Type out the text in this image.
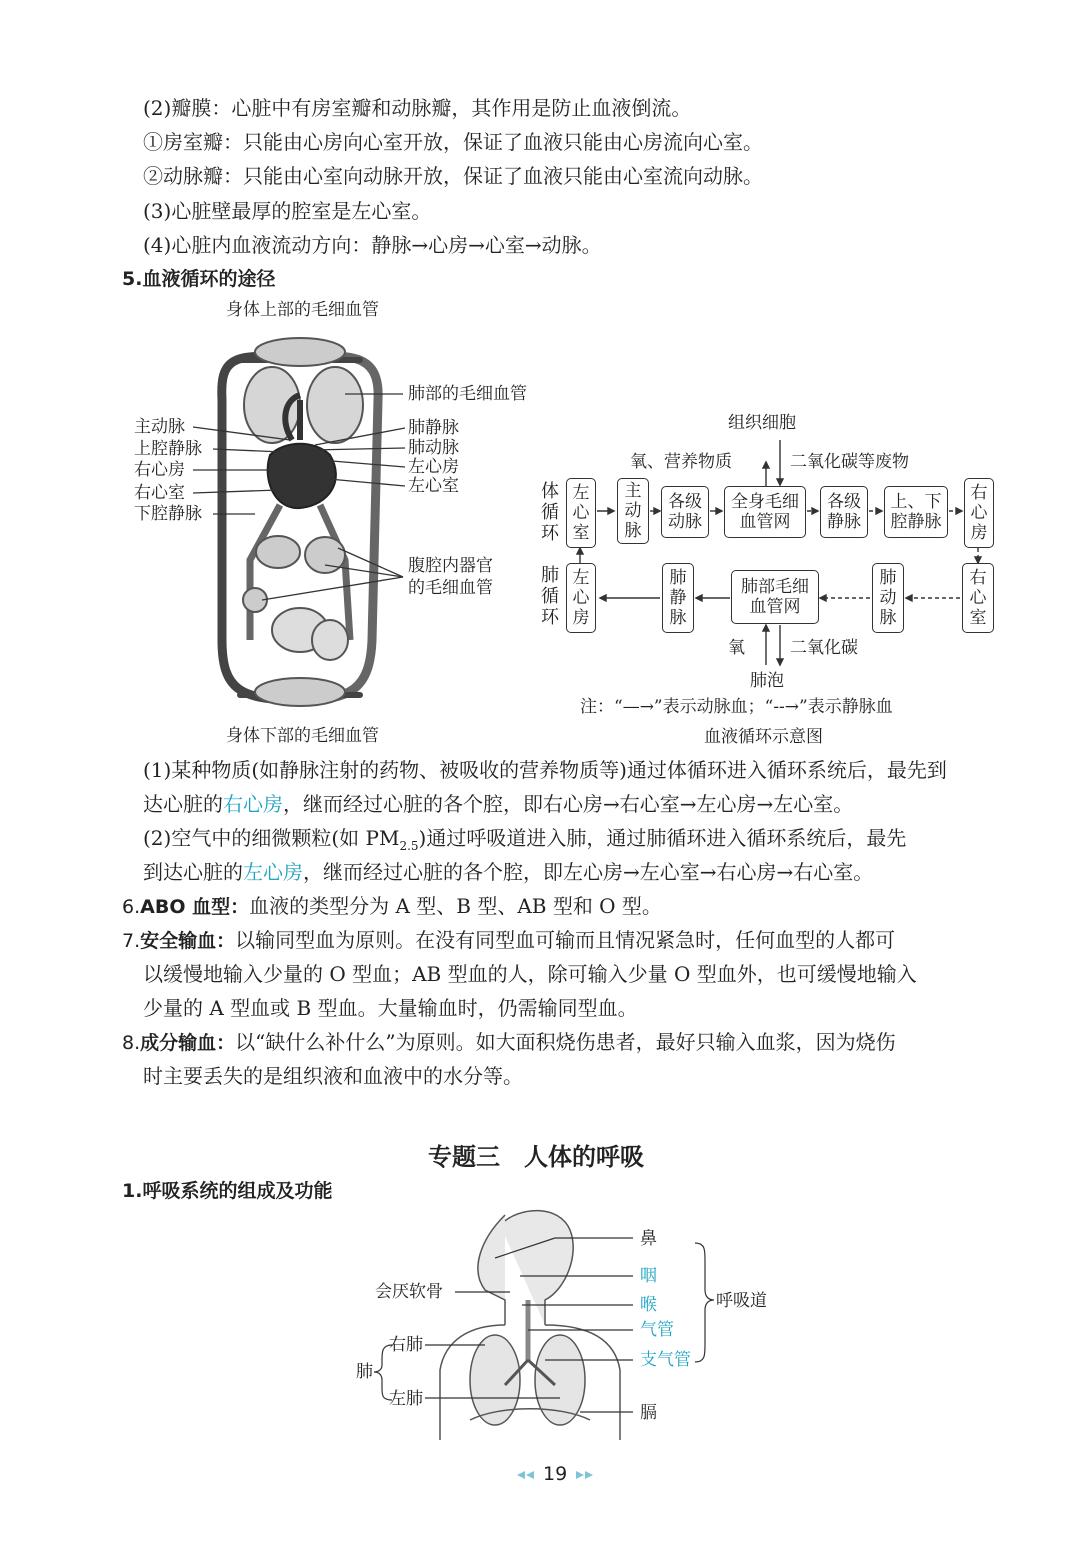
(2)瓣膜：心脏中有房室瓣和动脉瓣，其作用是防止血液倒流。
①房室瓣：只能由心房向心室开放，保证了血液只能由心房流向心室。
②动脉瓣：只能由心室向动脉开放，保证了血液只能由心室流向动脉。
(3)心脏壁最厚的腔室是左心室。
(4)心脏内血液流动方向：静脉→心房→心室→动脉。
5.血液循环的途径
身体上部的毛细血管
肺部的毛细血管
主动脉
上腔静脉
右心房
右心室
下腔静脉
肺静脉
肺动脉
左心房
左心室
腹腔内器官
的毛细血管
身体下部的毛细血管
组织细胞
氧、营养物质	二氧化碳等废物
体循环
肺循环
左心室
主动脉
各级动脉
全身毛细血管网
各级静脉
上、下腔静脉
右心房
左心房
肺静脉
肺部毛细血管网
肺动脉
右心室
氧	二氧化碳
肺泡
注：“—→”表示动脉血；“--→”表示静脉血
血液循环示意图
(1)某种物质(如静脉注射的药物、被吸收的营养物质等)通过体循环进入循环系统后，最先到
达心脏的右心房，继而经过心脏的各个腔，即右心房→右心室→左心房→左心室。
(2)空气中的细微颗粒(如 $PM_{2.5}$)通过呼吸道进入肺，通过肺循环进入循环系统后，最先
到达心脏的左心房，继而经过心脏的各个腔，即左心房→左心室→右心房→右心室。
6.ABO 血型：血液的类型分为 A 型、B 型、AB 型和 O 型。
7.安全输血：以输同型血为原则。在没有同型血可输而且情况紧急时，任何血型的人都可
以缓慢地输入少量的 O 型血；AB 型血的人，除可输入少量 O 型血外，也可缓慢地输入
少量的 A 型血或 B 型血。大量输血时，仍需输同型血。
8.成分输血：以“缺什么补什么”为原则。如大面积烧伤患者，最好只输入血浆，因为烧伤
时主要丢失的是组织液和血液中的水分等。
专题三　人体的呼吸
1.呼吸系统的组成及功能
鼻
咽
喉
气管
支气管
呼吸道
会厌软骨
右肺
肺
左肺
膈
19
